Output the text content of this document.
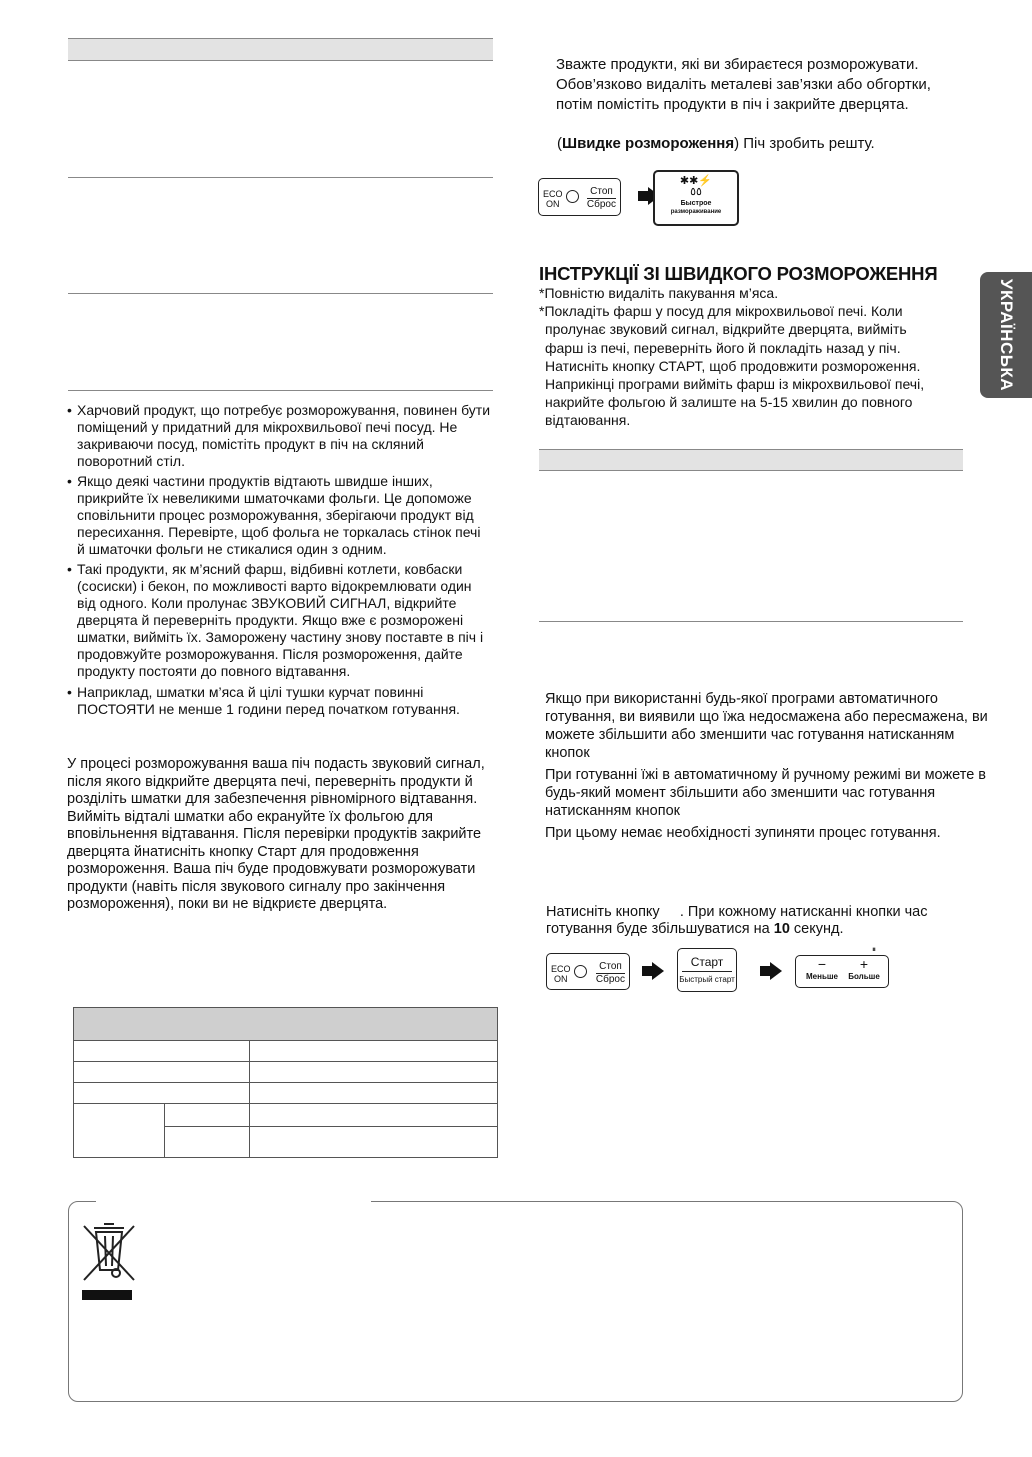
• Харчовий продукт, що потребує розморожування, повинен бути поміщений у придатний для мікрохвильової печі посуд. Не закриваючи посуд, помістіть продукт в піч на скляний поворотний стіл.

• Якщо деякі частини продуктів відтають швидше інших, прикрийте їх невеликими шматочками фольги. Це допоможе сповільнити процес розморожування, зберігаючи продукт від пересихання. Перевірте, щоб фольга не торкалась стінок печі й шматочки фольги не стикалися один з одним.

• Такі продукти, як м’ясний фарш, відбивні котлети, ковбаски (сосиски) і бекон, по можливості варто відокремлювати один від одного. Коли пролунає ЗВУКОВИЙ СИГНАЛ, відкрийте дверцята й переверніть продукти. Якщо вже є розморожені шматки, вийміть їх. Заморожену частину знову поставте в піч і продовжуйте розморожування. Після розмороження, дайте продукту постояти до повного відтавання.

• Наприклад, шматки м’яса й цілі тушки курчат повинні ПОСТОЯТИ не менше 1 години перед початком готування.

У процесі розморожування ваша піч подасть звуковий сигнал, після якого відкрийте дверцята печі, переверніть продукти й розділіть шматки для забезпечення рівномірного відтавання. Вийміть відталі шматки або екрануйте їх фольгою для вповільнення відтавання. Після перевірки продуктів закрийте дверцята йнатисніть кнопку Старт для продовження розмороження. Ваша піч буде продовжувати розморожувати продукти (навіть після звукового сигналу про закінчення розмороження), поки ви не відкриєте дверцята.

Зважте продукти, які ви збираєтеся розморожувати.

Обов’язково видаліть металеві зав’язки або обгортки,

потім помістіть продукти в піч і закрийте дверцята.

(Швидке розмороження) Піч зробить решту.
ECO
ON
Стоп
Сброс
✱✱⚡
٥٥
Быстрое
размораживание
ІНСТРУКЦІЇ ЗІ ШВИДКОГО РОЗМОРОЖЕННЯ

*Повністю видаліть пакування м’яса.

*Покладіть фарш у посуд для мікрохвильової печі. Коли

пролунає звуковий сигнал, відкрийте дверцята, вийміть

фарш із печі, переверніть його й покладіть назад у піч.

Натисніть кнопку СТАРТ, щоб продовжити розмороження.

Наприкінці програми вийміть фарш із мікрохвильової печі,

накрийте фольгою й залиште на 5-15 хвилин до повного

відтаювання.

УКРАЇНСЬКА

Якщо при використанні будь-якої програми автоматичного готування, ви виявили що їжа недосмажена або пересмажена, ви можете збільшити або зменшити час готування натисканням кнопок

При готуванні їжі в автоматичному й ручному режимі ви можете в будь-який момент збільшити або зменшити час готування натисканням кнопок

При цьому немає необхідності зупиняти процес готування.

Натисніть кнопку . При кожному натисканні кнопки час готування буде збільшуватися на 10 секунд.
ECO
ON
Стоп
Сброс
Старт
Быстрый старт
⏸
−
Меньше
+
Больше
